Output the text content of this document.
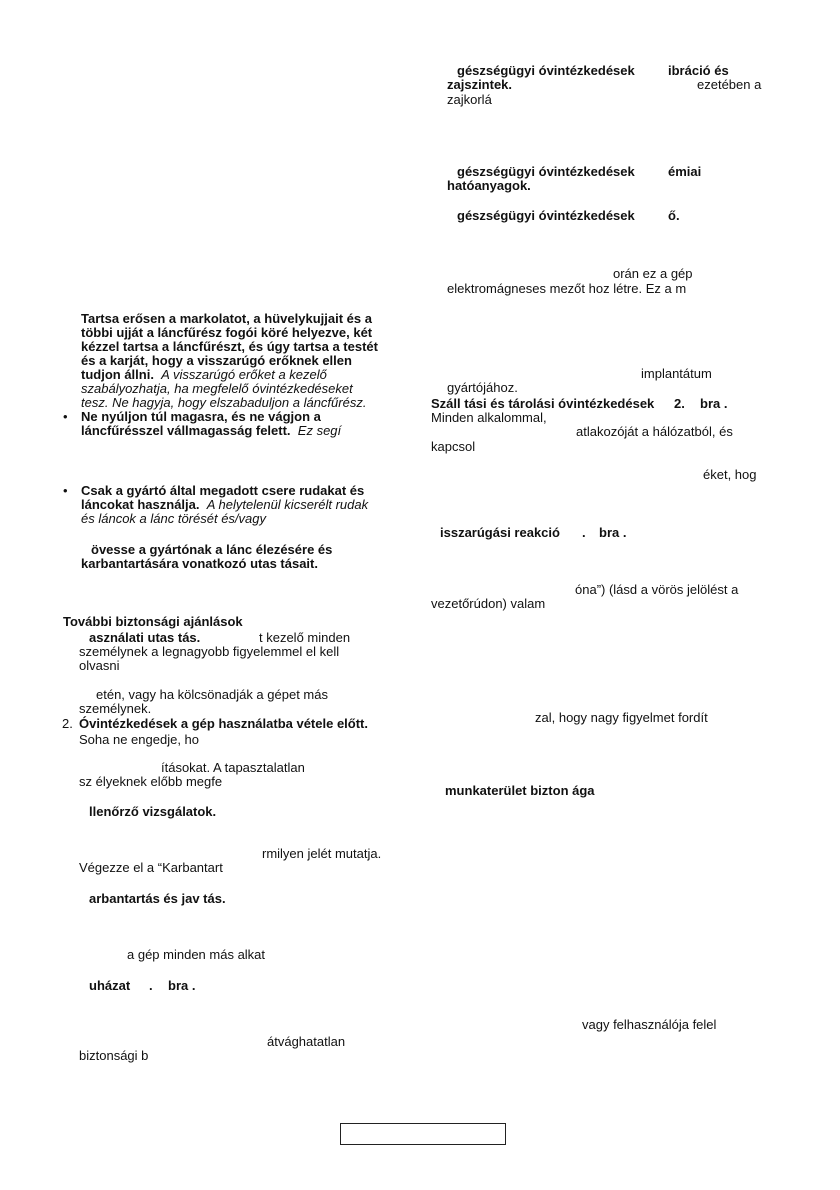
Tartsa erősen a markolatot, a hüvelykujjait és a
többi ujját a láncfűrész fogói köré helyezve, két
kézzel tartsa a láncfűrészt, és úgy tartsa a testét
és a karját, hogy a visszarúgó erőknek ellen
tudjon állni. A visszarúgó erőket a kezelő
szabályozhatja, ha megfelelő óvintézkedéseket
tesz. Ne hagyja, hogy elszabaduljon a láncfűrész.
• Ne nyúljon túl magasra, és ne vágjon a
láncfűrésszel vállmagasság felett. Ez segí
• Csak a gyártó által megadott csere rudakat és
láncokat használja. A helytelenül kicserélt rudak
és láncok a lánc törését és/vagy
övesse a gyártónak a lánc élezésére és
karbantartására vonatkozó utas tásait.
További biztonsági ajánlások
asználati utas tás.	t kezelő minden
személynek a legnagyobb figyelemmel el kell
olvasni
etén, vagy ha kölcsönadják a gépet más
személynek.
2. Óvintézkedések a gép használatba vétele előtt.
Soha ne engedje, ho
ításokat. A tapasztalatlan
sz élyeknek előbb megfe
llenőrző vizsgálatok.
rmilyen jelét mutatja.
Végezze el a “Karbantart
arbantartás és jav tás.
a gép minden más alkat
uházat . bra .
átvághatatlan
biztonsági b
gészségügyi óvintézkedések	ibráció és
zajszintek.	ezetében a
zajkorlá
gészségügyi óvintézkedések	émiai
hatóanyagok.
gészségügyi óvintézkedések	ő.
orán ez a gép
elektromágneses mezőt hoz létre. Ez a m
implantátum
gyártójához.
Száll tási és tárolási óvintézkedések 2. bra .
Minden alkalommal,
atlakozóját a hálózatból, és
kapcsol
éket, hog
isszarúgási reakció . bra .
óna”) (lásd a vörös jelölést a
vezetőrúdon) valam
zal, hogy nagy figyelmet fordít
munkaterület bizton ága
vagy felhasználója felel
